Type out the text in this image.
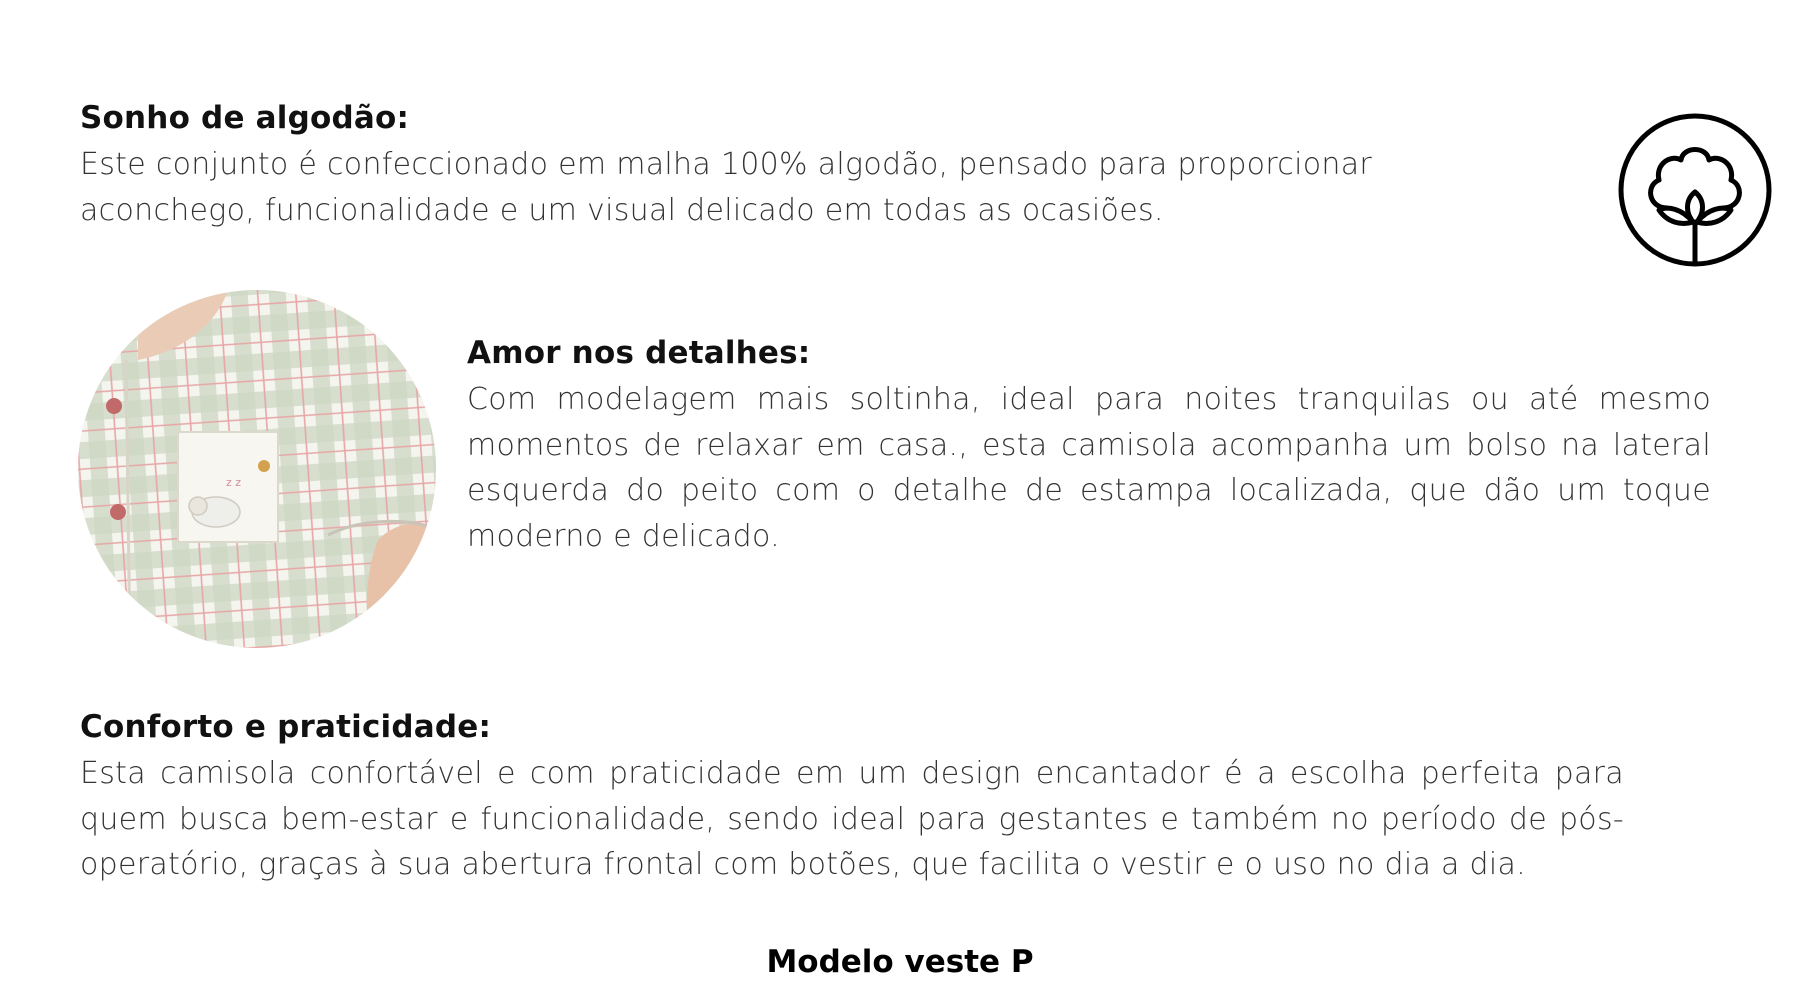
Sonho de algodão:
Este conjunto é confeccionado em malha 100% algodão, pensado para proporcionar aconchego, funcionalidade e um visual delicado em todas as ocasiões.
z z
Amor nos detalhes:
Com modelagem mais soltinha, ideal para noites tranquilas ou até mesmo momentos de relaxar em casa., esta camisola acompanha um bolso na lateral esquerda do peito com o detalhe de estampa localizada, que dão um toque moderno e delicado.
Conforto e praticidade:
Esta camisola confortável e com praticidade em um design encantador é a escolha perfeita para quem busca bem-estar e funcionalidade, sendo ideal para gestantes e também no período de pós-operatório, graças à sua abertura frontal com botões, que facilita o vestir e o uso no dia a dia.
Modelo veste P
